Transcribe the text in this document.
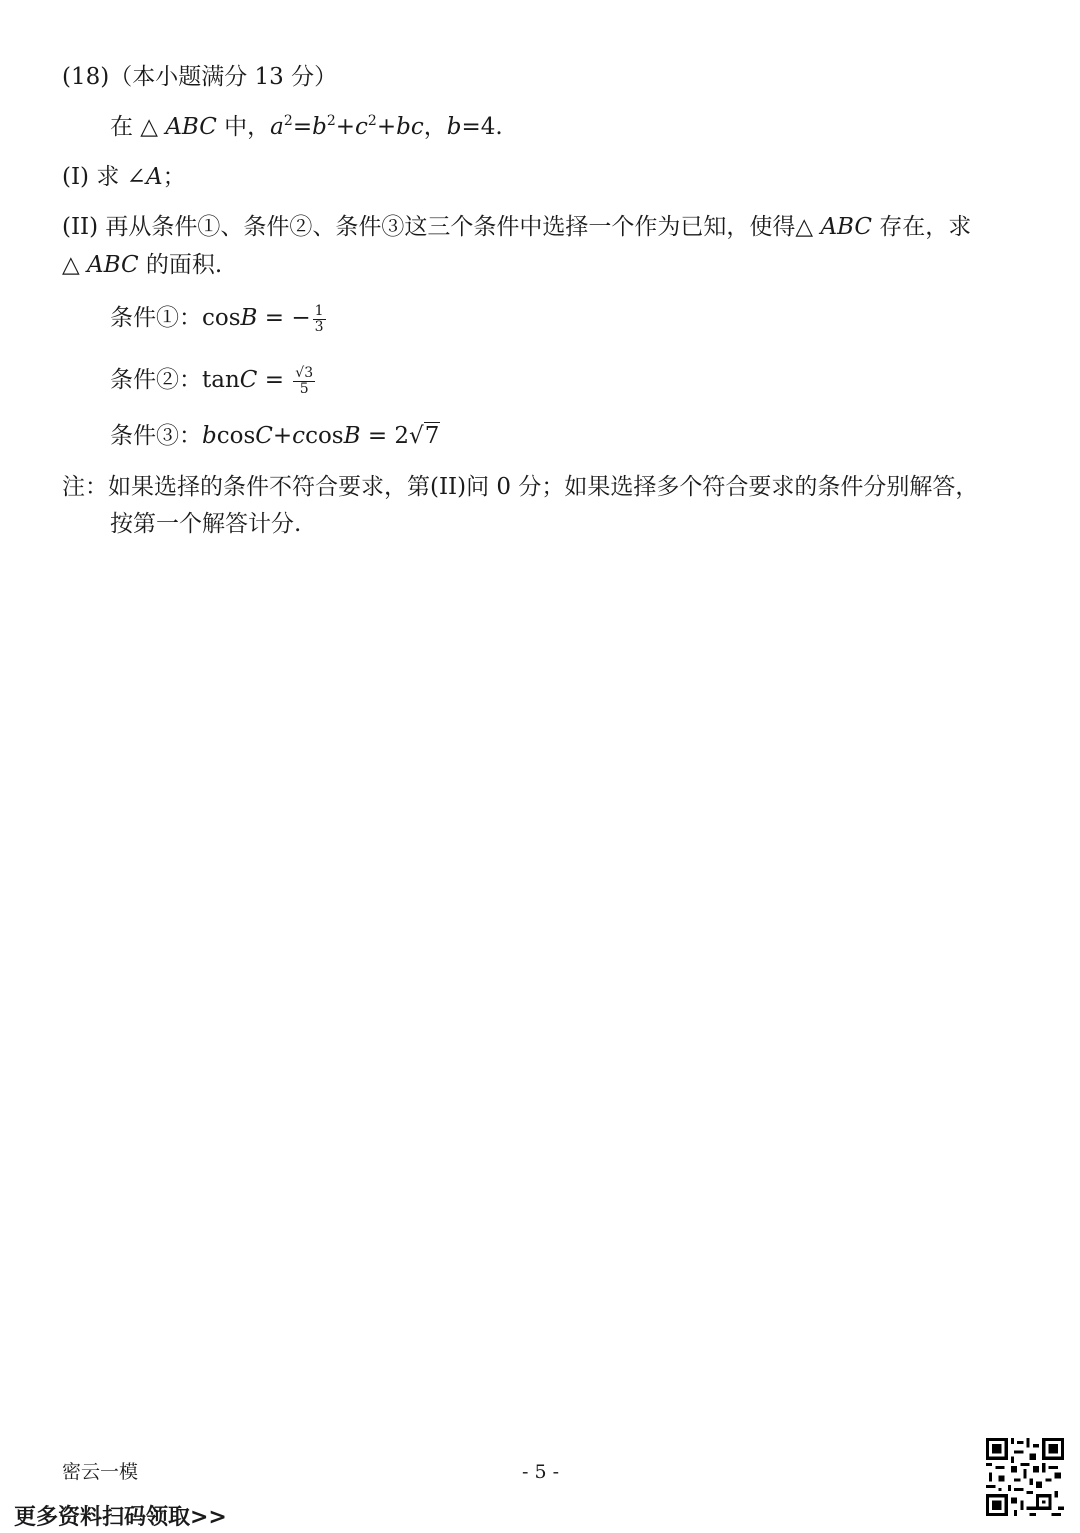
(18)（本小题满分 13 分）
在 △ ABC 中，$a^2=b^2+c^2+bc$，b=4.
(I) 求 ∠A；
(II) 再从条件①、条件②、条件③这三个条件中选择一个作为已知，使得△ ABC 存在，求
△ ABC 的面积.
条件①：cosB = − $\frac{1}{3}$
条件②：$\tan C = \frac{√3}{5}$
条件③：bcosC+ccosB = 2√7
注：如果选择的条件不符合要求，第(II)问 0 分；如果选择多个符合要求的条件分别解答，
按第一个解答计分.
密云一模	- 5 -
更多资料扫码领取>>
